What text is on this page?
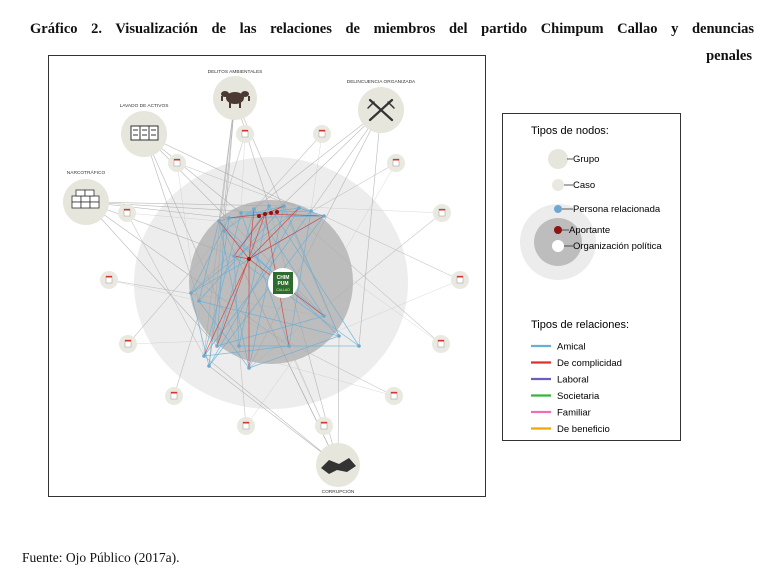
Gráfico 2. Visualización de las relaciones de miembros del partido Chimpum Callao y denuncias
penales
CHIM
PUM
CALLAO
DELITOS AMBIENTALES
DELINCUENCIA ORGANIZADA
LAVADO DE ACTIVOS
NARCOTRÁFICO
CORRUPCIÓN
Tipos de nodos:
Grupo
Caso
Persona relacionada
Aportante
Organización política
Tipos de relaciones:
Amical
De complicidad
Laboral
Societaria
Familiar
De beneficio
Fuente: Ojo Público (2017a).
